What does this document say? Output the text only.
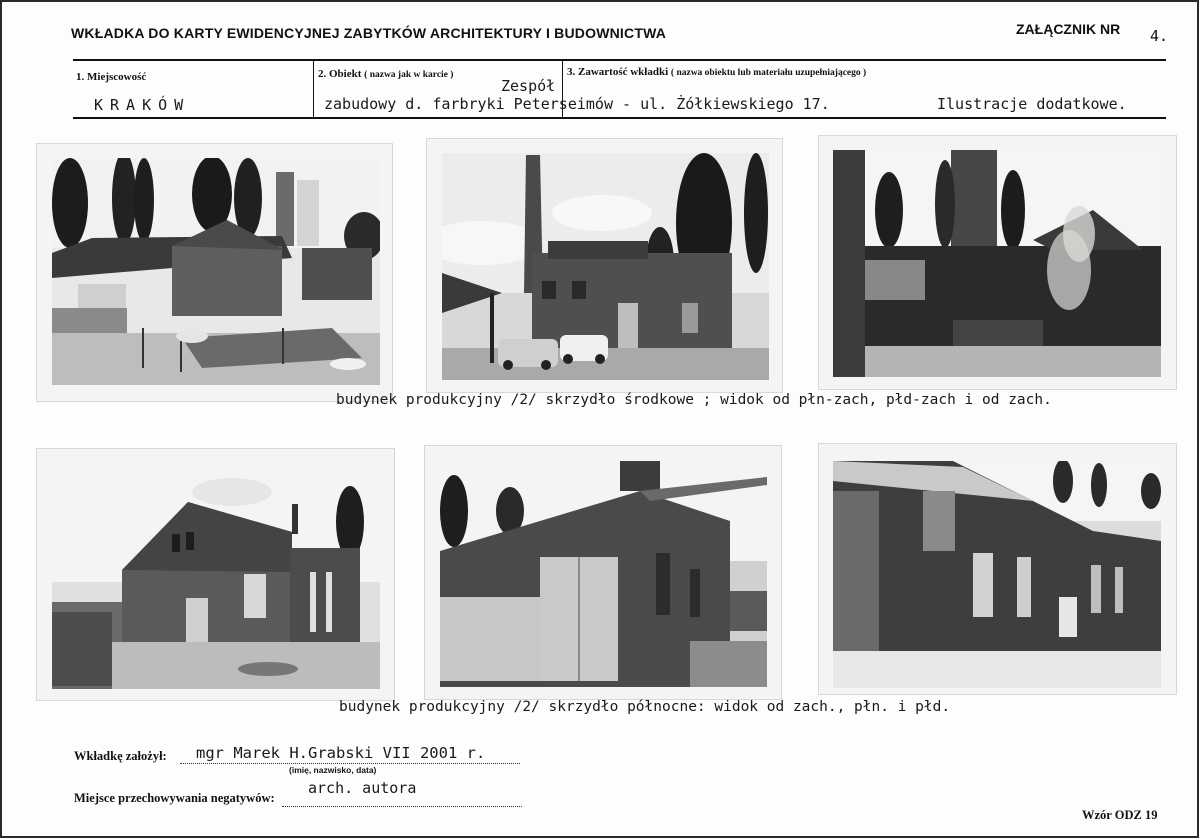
WKŁADKA DO KARTY EWIDENCYJNEJ ZABYTKÓW ARCHITEKTURY I BUDOWNICTWA	ZAŁĄCZNIK NR 4.
1. Miejscowość
KRAKÓW
2. Obiekt ( nazwa jak w karcie )
Zespół
zabudowy d. farbryki Peterseimów - ul. Żółkiewskiego 17.
3. Zawartość wkładki ( nazwa obiektu lub materiału uzupełniającego )
Ilustracje dodatkowe.
budynek produkcyjny /2/ skrzydło środkowe ; widok od płn-zach, płd-zach i od zach.
budynek produkcyjny /2/ skrzydło północne: widok od zach., płn. i płd.
Wkładkę założył: mgr Marek H.Grabski VII 2001 r.
(imię, nazwisko, data)
Miejsce przechowywania negatywów:
arch. autora
Wzór ODZ 19
